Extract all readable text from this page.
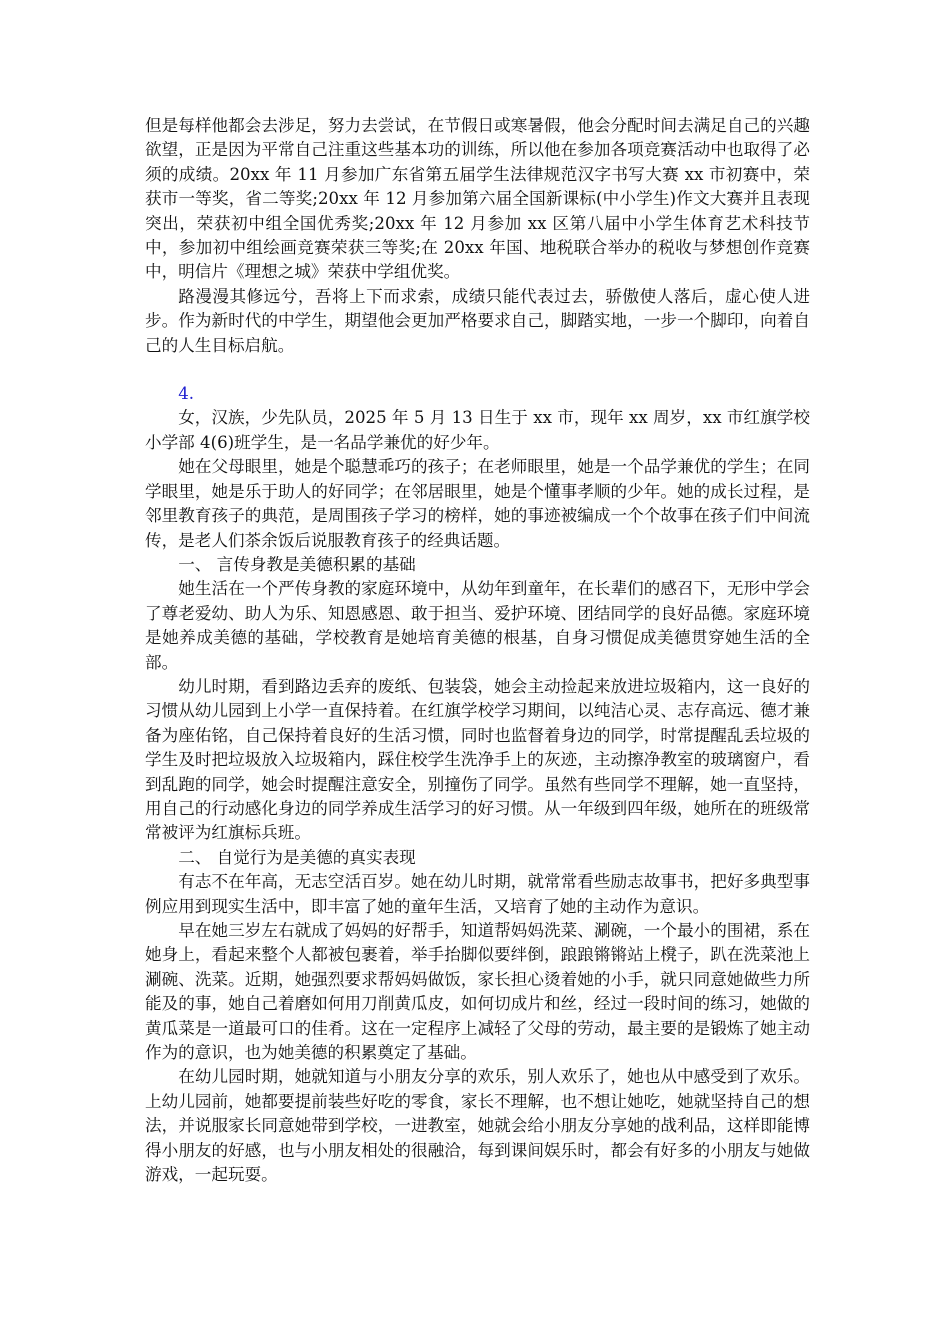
但是每样他都会去涉足，努力去尝试，在节假日或寒暑假，他会分配时间去满足自己的兴趣欲望，正是因为平常自己注重这些基本功的训练，所以他在参加各项竞赛活动中也取得了必须的成绩。20xx 年 11 月参加广东省第五届学生法律规范汉字书写大赛 xx 市初赛中，荣获市一等奖，省二等奖;20xx 年 12 月参加第六届全国新课标(中小学生)作文大赛并且表现突出，荣获初中组全国优秀奖;20xx 年 12 月参加 xx 区第八届中小学生体育艺术科技节中，参加初中组绘画竞赛荣获三等奖;在 20xx 年国、地税联合举办的税收与梦想创作竞赛中，明信片《理想之城》荣获中学组优奖。

路漫漫其修远兮，吾将上下而求索，成绩只能代表过去，骄傲使人落后，虚心使人进步。作为新时代的中学生，期望他会更加严格要求自己，脚踏实地，一步一个脚印，向着自己的人生目标启航。

4.

女，汉族，少先队员，2025 年 5 月 13 日生于 xx 市，现年 xx 周岁，xx 市红旗学校小学部 4(6)班学生，是一名品学兼优的好少年。

她在父母眼里，她是个聪慧乖巧的孩子；在老师眼里，她是一个品学兼优的学生；在同学眼里，她是乐于助人的好同学；在邻居眼里，她是个懂事孝顺的少年。她的成长过程，是邻里教育孩子的典范，是周围孩子学习的榜样，她的事迹被编成一个个故事在孩子们中间流传，是老人们茶余饭后说服教育孩子的经典话题。

一、 言传身教是美德积累的基础

她生活在一个严传身教的家庭环境中，从幼年到童年，在长辈们的感召下，无形中学会了尊老爱幼、助人为乐、知恩感恩、敢于担当、爱护环境、团结同学的良好品德。家庭环境是她养成美德的基础，学校教育是她培育美德的根基，自身习惯促成美德贯穿她生活的全部。

幼儿时期，看到路边丢弃的废纸、包装袋，她会主动捡起来放进垃圾箱内，这一良好的习惯从幼儿园到上小学一直保持着。在红旗学校学习期间，以纯洁心灵、志存高远、德才兼备为座佑铭，自己保持着良好的生活习惯，同时也监督着身边的同学，时常提醒乱丢垃圾的学生及时把垃圾放入垃圾箱内，踩住校学生洗净手上的灰迹，主动擦净教室的玻璃窗户，看到乱跑的同学，她会时提醒注意安全，别撞伤了同学。虽然有些同学不理解，她一直坚持，用自己的行动感化身边的同学养成生活学习的好习惯。从一年级到四年级，她所在的班级常常被评为红旗标兵班。

二、 自觉行为是美德的真实表现

有志不在年高，无志空活百岁。她在幼儿时期，就常常看些励志故事书，把好多典型事例应用到现实生活中，即丰富了她的童年生活，又培育了她的主动作为意识。

早在她三岁左右就成了妈妈的好帮手，知道帮妈妈洗菜、涮碗，一个最小的围裙，系在她身上，看起来整个人都被包裹着，举手抬脚似要绊倒，踉踉锵锵站上櫈子，趴在洗菜池上涮碗、洗菜。近期，她强烈要求帮妈妈做饭，家长担心烫着她的小手，就只同意她做些力所能及的事，她自己着磨如何用刀削黄瓜皮，如何切成片和丝，经过一段时间的练习，她做的黄瓜菜是一道最可口的佳肴。这在一定程序上减轻了父母的劳动，最主要的是锻炼了她主动作为的意识，也为她美德的积累奠定了基础。

在幼儿园时期，她就知道与小朋友分享的欢乐，别人欢乐了，她也从中感受到了欢乐。上幼儿园前，她都要提前装些好吃的零食，家长不理解，也不想让她吃，她就坚持自己的想法，并说服家长同意她带到学校，一进教室，她就会给小朋友分享她的战利品，这样即能博得小朋友的好感，也与小朋友相处的很融洽，每到课间娱乐时，都会有好多的小朋友与她做游戏，一起玩耍。
